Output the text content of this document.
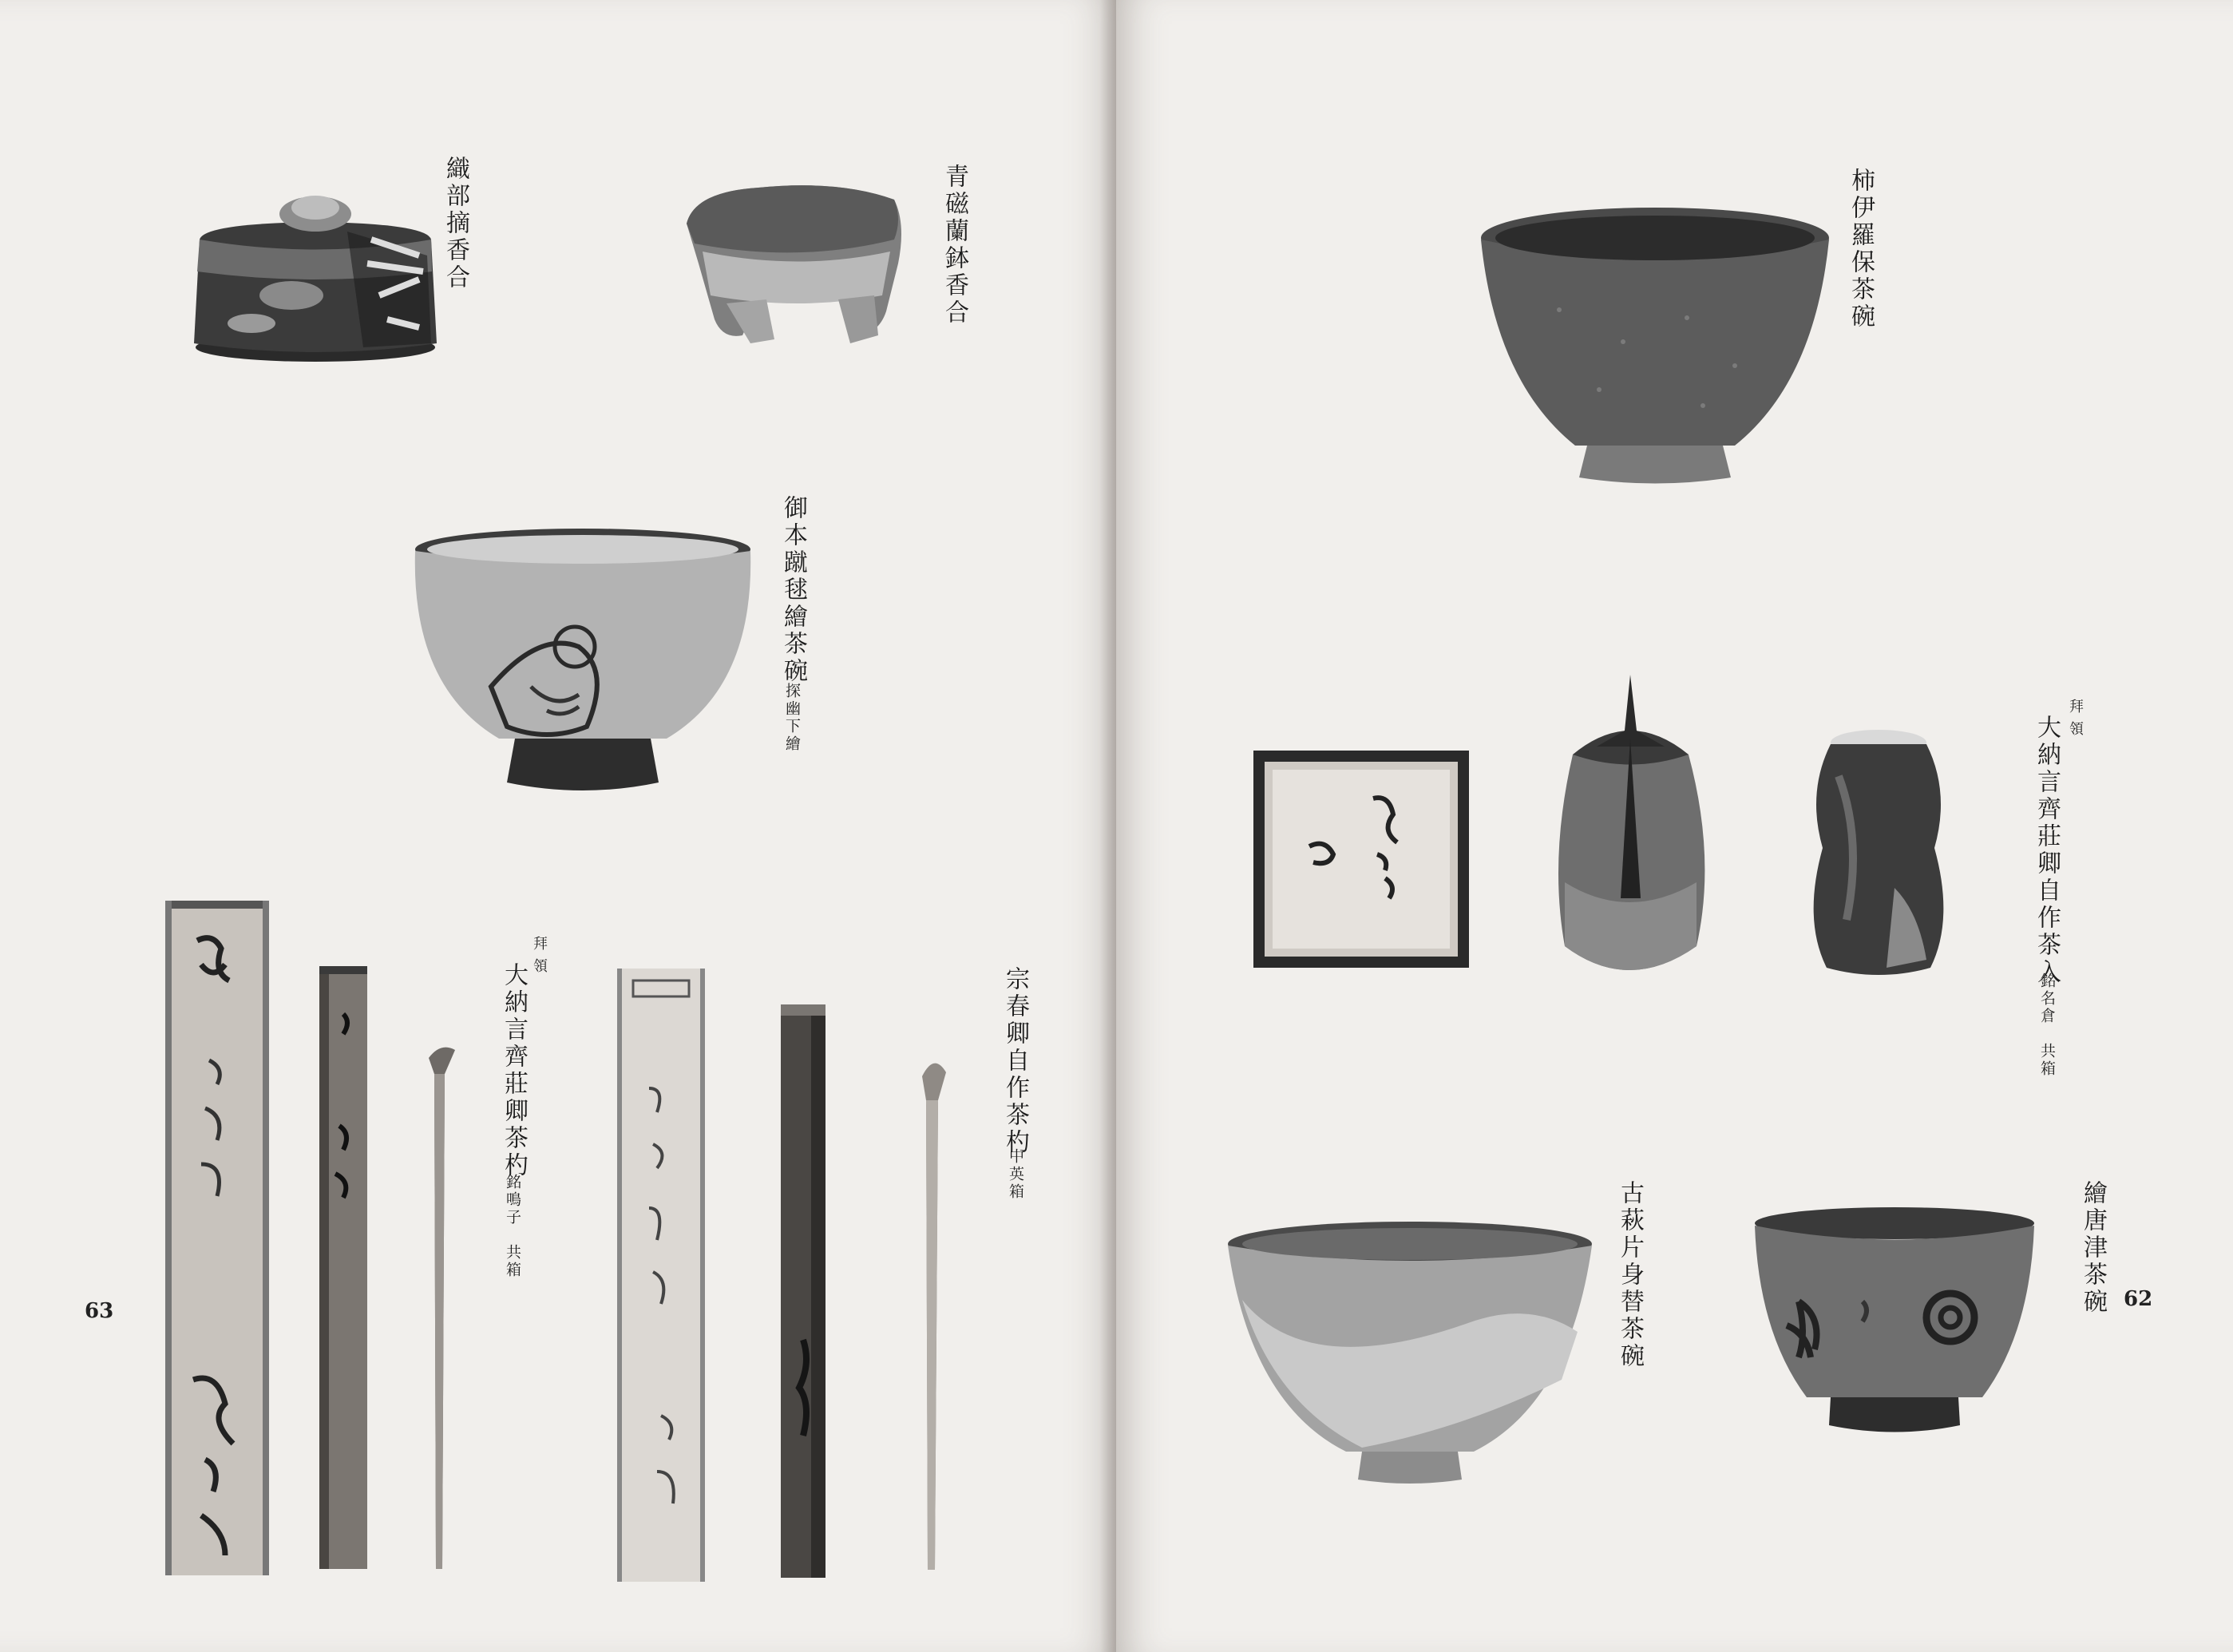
織部摘香合	青磁蘭鉢香合
御本蹴毬繪茶碗
探幽下繪
拜領
大納言齊莊卿茶杓
銘鳴子　共箱
宗春卿自作茶杓
中英箱
63
柿伊羅保茶碗
拜領
大納言齊莊卿自作茶入
銘名倉　共箱
古萩片身替茶碗	繪唐津茶碗 62
